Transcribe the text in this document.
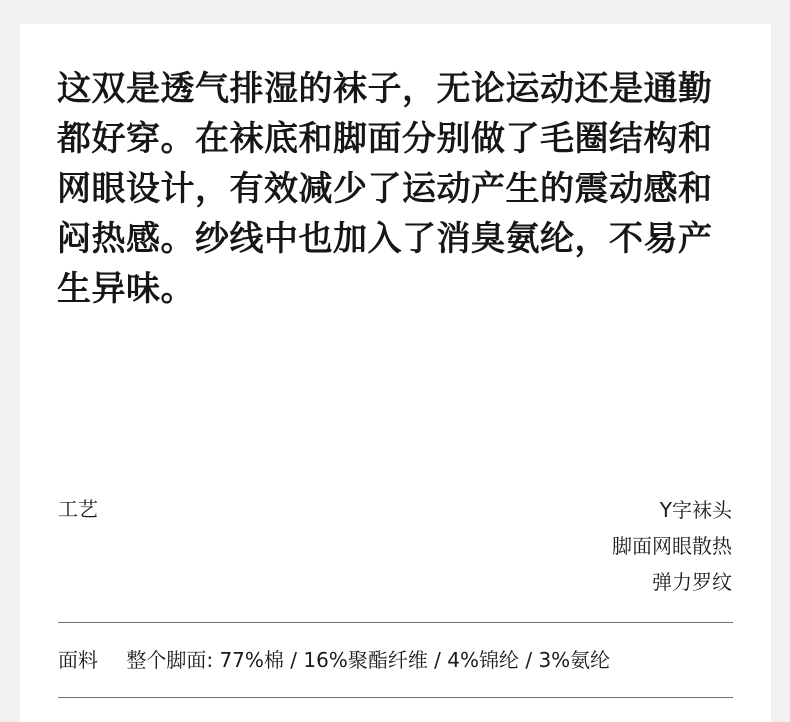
这双是透气排湿的袜子，无论运动还是通勤都好穿。在袜底和脚面分别做了毛圈结构和网眼设计，有效减少了运动产生的震动感和闷热感。纱线中也加入了消臭氨纶，不易产生异味。

工艺	Y字袜头
脚面网眼散热
弹力罗纹
面料 整个脚面: 77%棉 / 16%聚酯纤维 / 4%锦纶 / 3%氨纶
